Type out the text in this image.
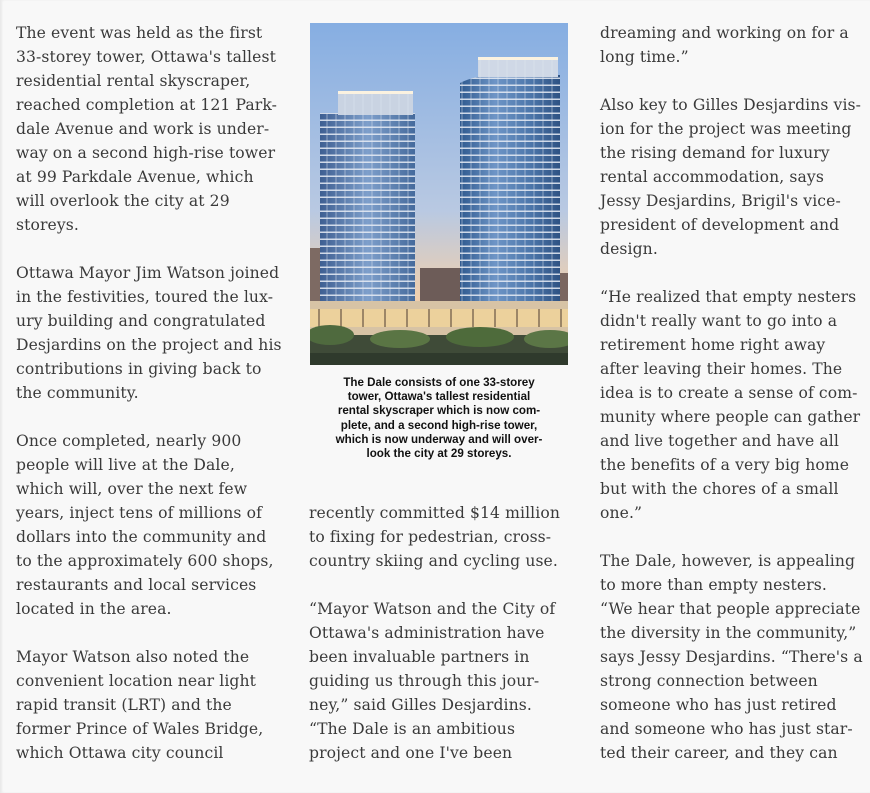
The event was held as the first
33-storey tower, Ottawa's tallest
residential rental skyscraper,
reached completion at 121 Park-
dale Avenue and work is under-
way on a second high-rise tower
at 99 Parkdale Avenue, which
will overlook the city at 29
storeys.

Ottawa Mayor Jim Watson joined
in the festivities, toured the lux-
ury building and congratulated
Desjardins on the project and his
contributions in giving back to
the community.

Once completed, nearly 900
people will live at the Dale,
which will, over the next few
years, inject tens of millions of
dollars into the community and
to the approximately 600 shops,
restaurants and local services
located in the area.

Mayor Watson also noted the
convenient location near light
rapid transit (LRT) and the
former Prince of Wales Bridge,
which Ottawa city council

The Dale consists of one 33-storey
tower, Ottawa's tallest residential
rental skyscraper which is now com-
plete, and a second high-rise tower,
which is now underway and will over-
look the city at 29 storeys.

recently committed $14 million
to fixing for pedestrian, cross-
country skiing and cycling use.

“Mayor Watson and the City of
Ottawa's administration have
been invaluable partners in
guiding us through this jour-
ney,” said Gilles Desjardins.
“The Dale is an ambitious
project and one I've been

dreaming and working on for a
long time.”

Also key to Gilles Desjardins vis-
ion for the project was meeting
the rising demand for luxury
rental accommodation, says
Jessy Desjardins, Brigil's vice-
president of development and
design.

“He realized that empty nesters
didn't really want to go into a
retirement home right away
after leaving their homes. The
idea is to create a sense of com-
munity where people can gather
and live together and have all
the benefits of a very big home
but with the chores of a small
one.”

The Dale, however, is appealing
to more than empty nesters.
“We hear that people appreciate
the diversity in the community,”
says Jessy Desjardins. “There's a
strong connection between
someone who has just retired
and someone who has just star-
ted their career, and they can
